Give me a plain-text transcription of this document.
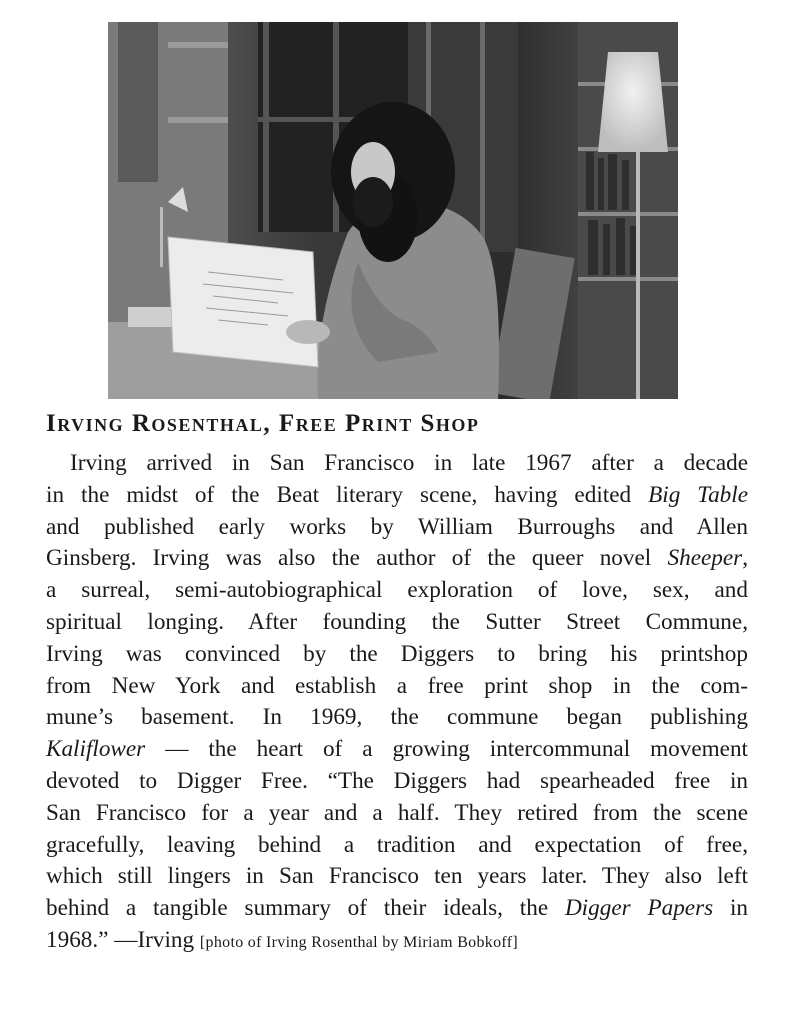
Irving Rosenthal, Free Print Shop

Irving arrived in San Francisco in late 1967 after a decade
in the midst of the Beat literary scene, having edited Big Table
and published early works by William Burroughs and Allen
Ginsberg. Irving was also the author of the queer novel Sheeper,
a surreal, semi-autobiographical exploration of love, sex, and
spiritual longing. After founding the Sutter Street Commune,
Irving was convinced by the Diggers to bring his printshop
from New York and establish a free print shop in the com-
mune’s basement. In 1969, the commune began publishing
Kaliflower — the heart of a growing intercommunal movement
devoted to Digger Free. “The Diggers had spearheaded free in
San Francisco for a year and a half. They retired from the scene
gracefully, leaving behind a tradition and expectation of free,
which still lingers in San Francisco ten years later. They also left
behind a tangible summary of their ideals, the Digger Papers in
1968.” —Irving [photo of Irving Rosenthal by Miriam Bobkoff]
